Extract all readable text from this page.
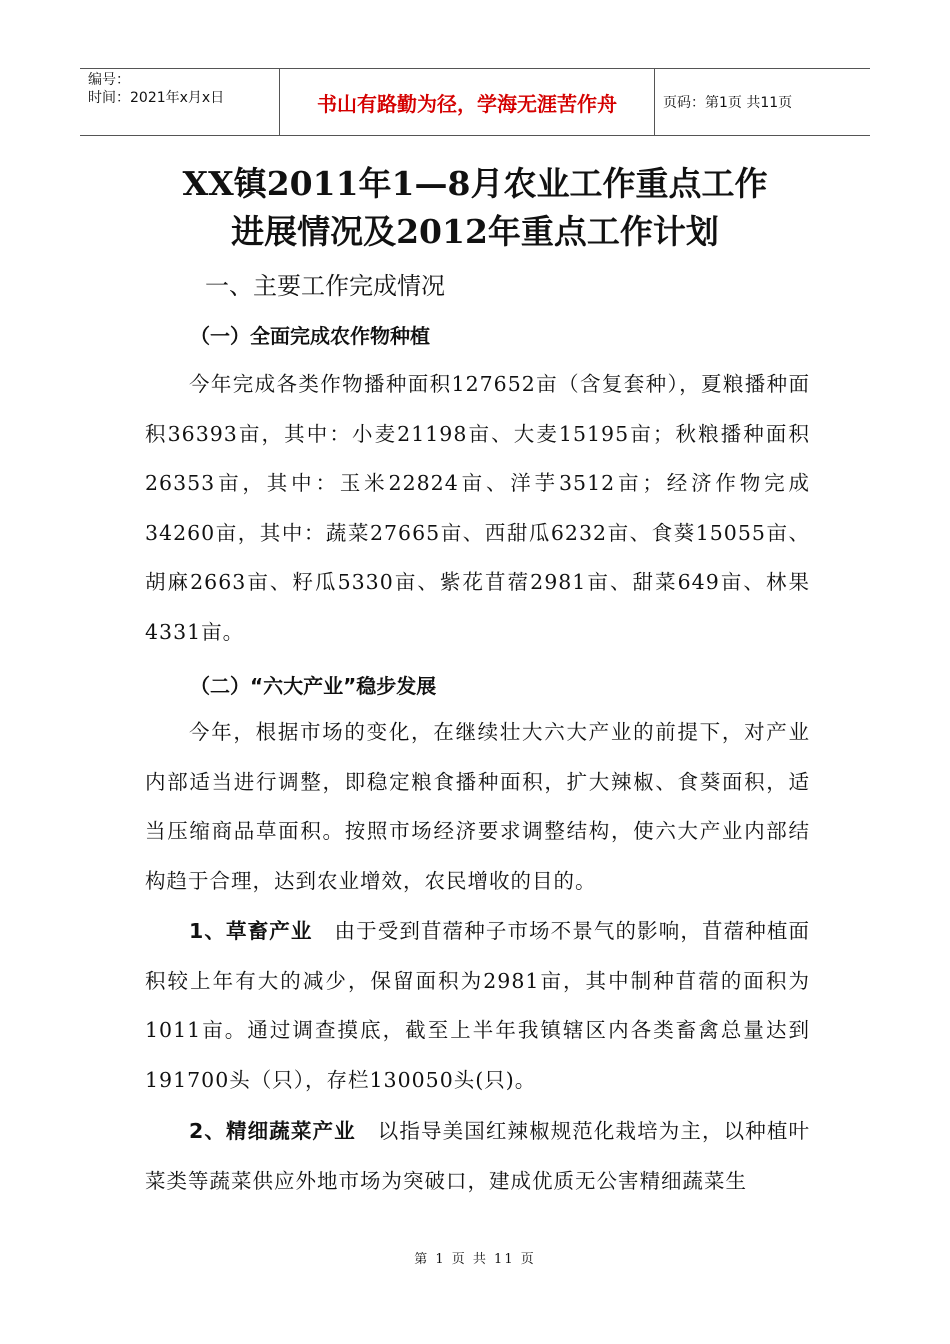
编号：
时间：2021年x月x日	书山有路勤为径，学海无涯苦作舟	页码：第1页 共11页
XX镇2011年1—8月农业工作重点工作
进展情况及2012年重点工作计划
一、主要工作完成情况
（一）全面完成农作物种植
今年完成各类作物播种面积127652亩（含复套种），夏粮播种面积36393亩，其中：小麦21198亩、大麦15195亩；秋粮播种面积26353亩，其中：玉米22824亩、洋芋3512亩；经济作物完成34260亩，其中：蔬菜27665亩、西甜瓜6232亩、食葵15055亩、胡麻2663亩、籽瓜5330亩、紫花苜蓿2981亩、甜菜649亩、林果4331亩。
（二）“六大产业”稳步发展
今年，根据市场的变化，在继续壮大六大产业的前提下，对产业内部适当进行调整，即稳定粮食播种面积，扩大辣椒、食葵面积，适当压缩商品草面积。按照市场经济要求调整结构，使六大产业内部结构趋于合理，达到农业增效，农民增收的目的。
1、草畜产业 由于受到苜蓿种子市场不景气的影响，苜蓿种植面积较上年有大的减少，保留面积为2981亩，其中制种苜蓿的面积为1011亩。通过调查摸底，截至上半年我镇辖区内各类畜禽总量达到191700头（只），存栏130050头(只)。
2、精细蔬菜产业 以指导美国红辣椒规范化栽培为主，以种植叶菜类等蔬菜供应外地市场为突破口，建成优质无公害精细蔬菜生
第 1 页 共 11 页
